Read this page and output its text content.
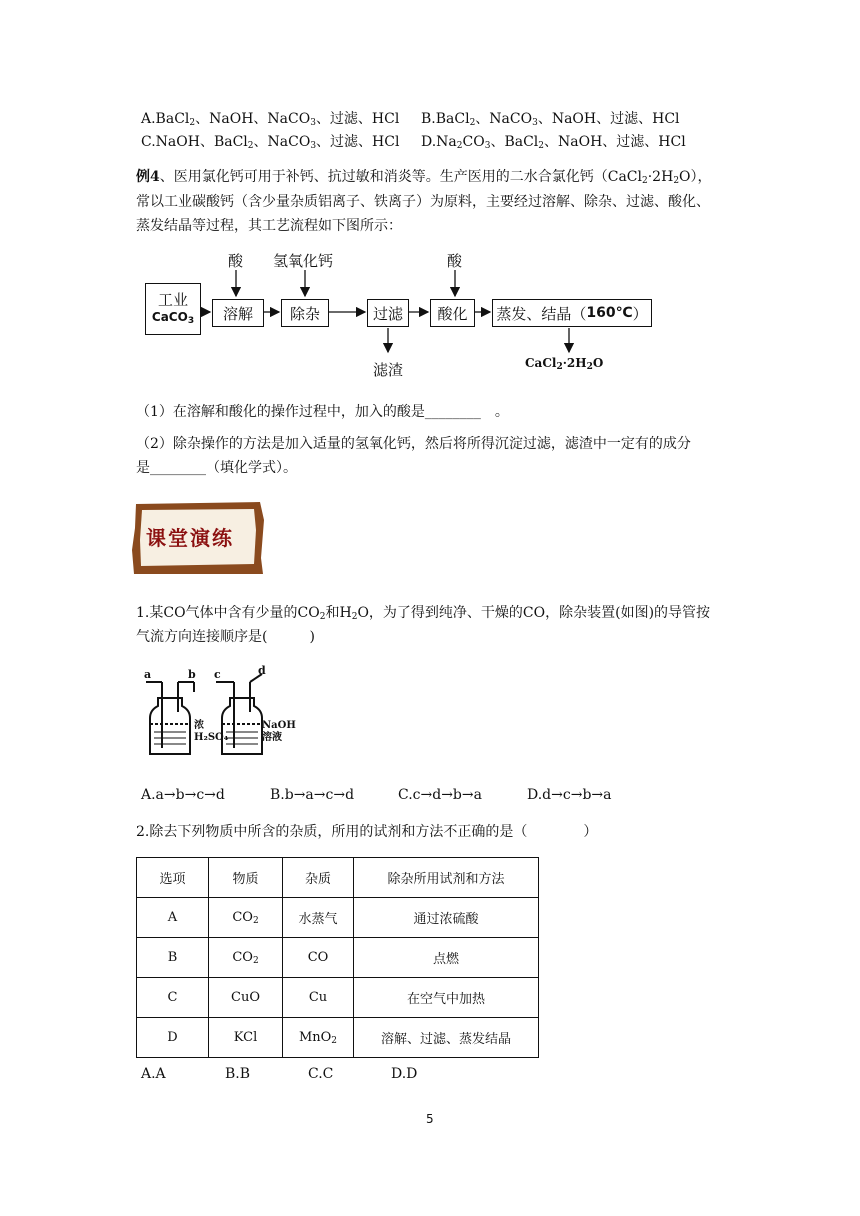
A.BaCl$_2$、NaOH、NaCO$_3$、过滤、HCl B.BaCl$_2$、NaCO$_3$、NaOH、过滤、HCl
C.NaOH、BaCl$_2$、NaCO$_3$、过滤、HCl $D.Na_2CO_3$、BaCl$_2$、NaOH、过滤、HCl
例4、医用氯化钙可用于补钙、抗过敏和消炎等。生产医用的二水合氯化钙$(CaCl_2\cdot 2H_2O)$，
常以工业碳酸钙（含少量杂质铝离子、铁离子）为原料，主要经过溶解、除杂、过滤、酸化、
蒸发结晶等过程，其工艺流程如下图所示：
工业
CaCO$_3$	溶解	除杂	过滤	酸化	蒸发、结晶（ 160℃ ）
酸 氢氧化钙	酸
滤渣	$CaCl_2\cdot 2H_2O$
（1）在溶解和酸化的操作过程中，加入的酸是________　。
（2）除杂操作的方法是加入适量的氢氧化钙，然后将所得沉淀过滤，滤渣中一定有的成分
是________（填化学式）。
课堂演练
1.某CO气体中含有少量的$CO_2$和$H_2O$，为了得到纯净、干燥的CO，除杂装置(如图)的导管按
气流方向连接顺序是(　　　)
a	b c	d
浓
H₂SO₄
NaOH
溶液
A.a→b→c→d	B.b→a→c→d	C.c→d→b→a	D.d→c→b→a
2.除去下列物质中所含的杂质，所用的试剂和方法不正确的是（　　　　）
选项	物质	杂质	除杂所用试剂和方法
A	$CO_2$	水蒸气	通过浓硫酸
B	$CO_2$	CO	点燃
C	CuO	Cu	在空气中加热
D	KCl	MnO$_2$	溶解、过滤、蒸发结晶
A.A	B.B	C.C	D.D
5
